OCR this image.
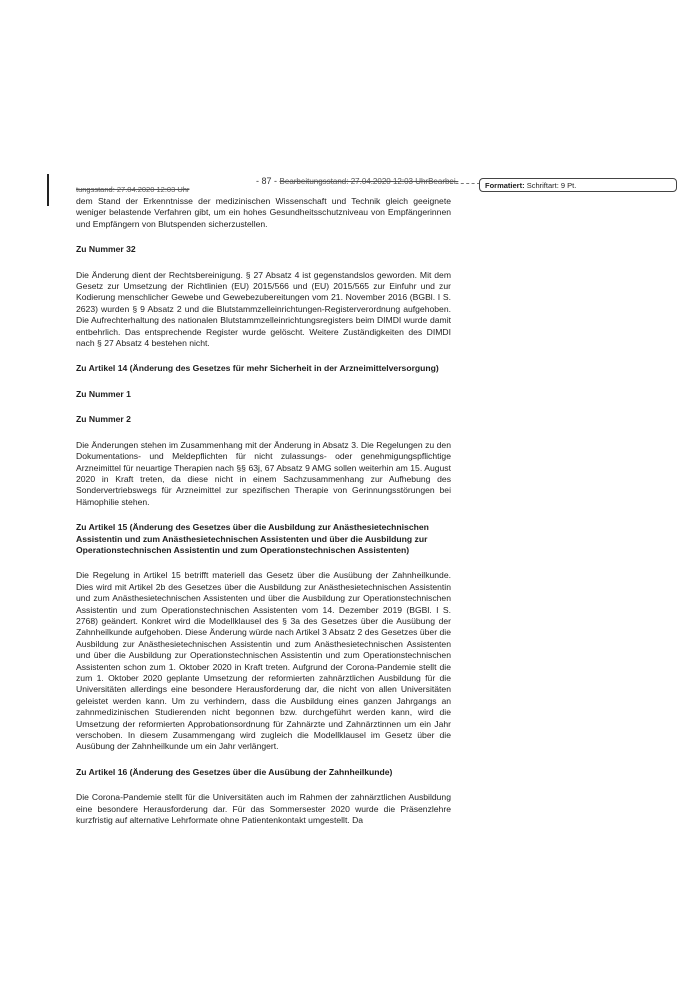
tungsstand: 27.04.2020 12:03 Uhr
- 87 - Bearbeitungsstand: 27.04.2020 12:03 UhrBearbei-	Formatiert: Schriftart: 9 Pt.
dem Stand der Erkenntnisse der medizinischen Wissenschaft und Technik gleich geeignete weniger belastende Verfahren gibt, um ein hohes Gesundheitsschutzniveau von Empfängerinnen und Empfängern von Blutspenden sicherzustellen.
Zu Nummer 32
Die Änderung dient der Rechtsbereinigung. § 27 Absatz 4 ist gegenstandslos geworden. Mit dem Gesetz zur Umsetzung der Richtlinien (EU) 2015/566 und (EU) 2015/565 zur Einfuhr und zur Kodierung menschlicher Gewebe und Gewebezubereitungen vom 21. November 2016 (BGBl. I S. 2623) wurden § 9 Absatz 2 und die Blutstammzelleinrichtungen-Registerverordnung aufgehoben. Die Aufrechterhaltung des nationalen Blutstammzelleinrichtungsregisters beim DIMDI wurde damit entbehrlich. Das entsprechende Register wurde gelöscht. Weitere Zuständigkeiten des DIMDI nach § 27 Absatz 4 bestehen nicht.
Zu Artikel 14 (Änderung des Gesetzes für mehr Sicherheit in der Arzneimittelversorgung)
Zu Nummer 1
Zu Nummer 2
Die Änderungen stehen im Zusammenhang mit der Änderung in Absatz 3. Die Regelungen zu den Dokumentations- und Meldepflichten für nicht zulassungs- oder genehmigungspflichtige Arzneimittel für neuartige Therapien nach §§ 63j, 67 Absatz 9 AMG sollen weiterhin am 15. August 2020 in Kraft treten, da diese nicht in einem Sachzusammenhang zur Aufhebung des Sondervertriebswegs für Arzneimittel zur spezifischen Therapie von Gerinnungsstörungen bei Hämophilie stehen.
Zu Artikel 15 (Änderung des Gesetzes über die Ausbildung zur Anästhesietechnischen Assistentin und zum Anästhesietechnischen Assistenten und über die Ausbildung zur Operationstechnischen Assistentin und zum Operationstechnischen Assistenten)
Die Regelung in Artikel 15 betrifft materiell das Gesetz über die Ausübung der Zahnheilkunde. Dies wird mit Artikel 2b des Gesetzes über die Ausbildung zur Anästhesietechnischen Assistentin und zum Anästhesietechnischen Assistenten und über die Ausbildung zur Operationstechnischen Assistentin und zum Operationstechnischen Assistenten vom 14. Dezember 2019 (BGBl. I S. 2768) geändert. Konkret wird die Modellklausel des § 3a des Gesetzes über die Ausübung der Zahnheilkunde aufgehoben. Diese Änderung würde nach Artikel 3 Absatz 2 des Gesetzes über die Ausbildung zur Anästhesietechnischen Assistentin und zum Anästhesietechnischen Assistenten und über die Ausbildung zur Operationstechnischen Assistentin und zum Operationstechnischen Assistenten schon zum 1. Oktober 2020 in Kraft treten. Aufgrund der Corona-Pandemie stellt die zum 1. Oktober 2020 geplante Umsetzung der reformierten zahnärztlichen Ausbildung für die Universitäten allerdings eine besondere Herausforderung dar, die nicht von allen Universitäten geleistet werden kann. Um zu verhindern, dass die Ausbildung eines ganzen Jahrgangs an zahnmedizinischen Studierenden nicht begonnen bzw. durchgeführt werden kann, wird die Umsetzung der reformierten Approbationsordnung für Zahnärzte und Zahnärztinnen um ein Jahr verschoben. In diesem Zusammengang wird zugleich die Modellklausel im Gesetz über die Ausübung der Zahnheilkunde um ein Jahr verlängert.
Zu Artikel 16 (Änderung des Gesetzes über die Ausübung der Zahnheilkunde)
Die Corona-Pandemie stellt für die Universitäten auch im Rahmen der zahnärztlichen Ausbildung eine besondere Herausforderung dar. Für das Sommersester 2020 wurde die Präsenzlehre kurzfristig auf alternative Lehrformate ohne Patientenkontakt umgestellt. Da
